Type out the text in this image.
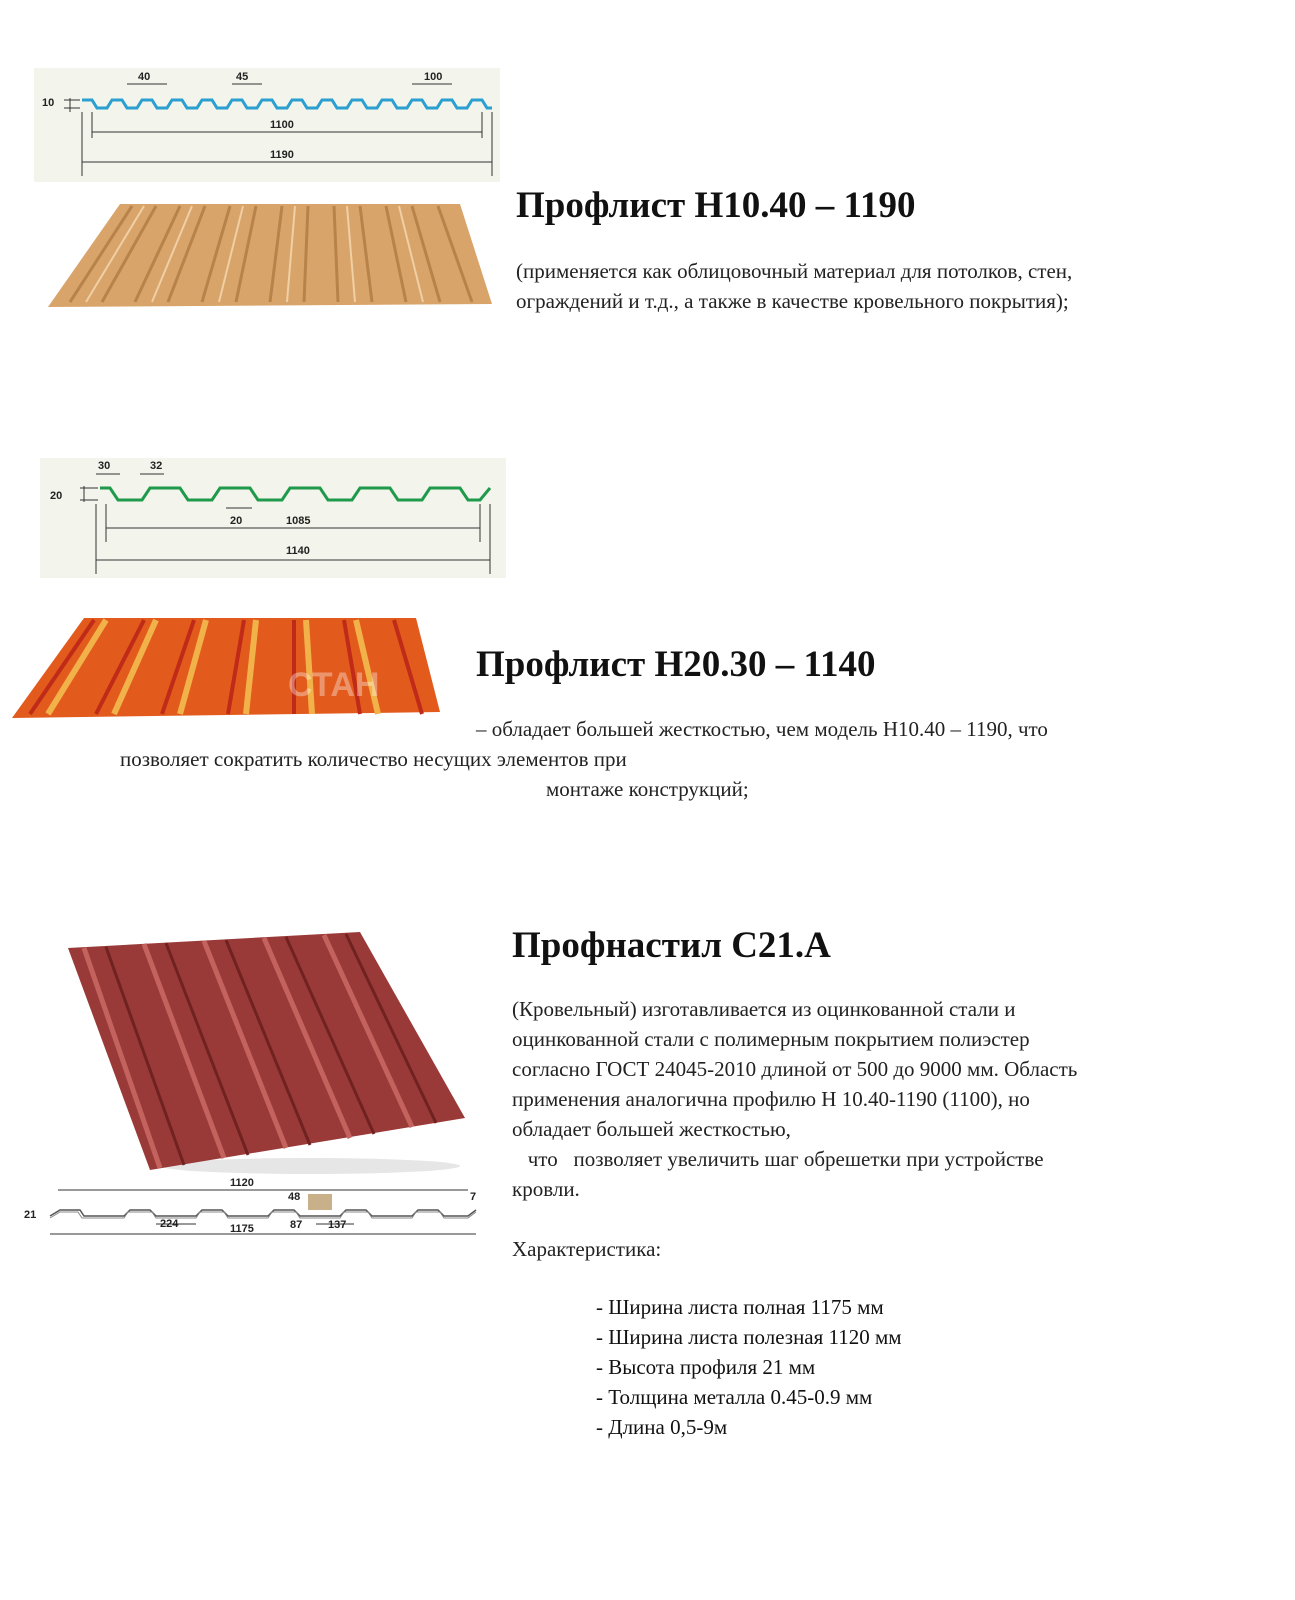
10
40	45	100
1100
1190
Профлист Н10.40 – 1190
(применяется как облицовочный материал для потолков, стен,
ограждений и т.д., а также в качестве кровельного покрытия);
20
30	32
20	1085
1140
СТАН	Профлист Н20.30 – 1140
– обладает большей жесткостью, чем модель Н10.40 – 1190, что
позволяет сократить количество несущих элементов при
монтаже конструкций;
21
1120
48	7
224	1175	87 137
Профнастил С21.А
(Кровельный) изготавливается из оцинкованной стали и
оцинкованной стали с полимерным покрытием полиэстер
согласно ГОСТ 24045-2010 длиной от 500 до 9000 мм. Область
применения аналогична профилю Н 10.40-1190 (1100), но
обладает большей жесткостью,
что   позволяет увеличить шаг обрешетки при устройстве
кровли.
Характеристика:
- Ширина листа полная 1175 мм
- Ширина листа полезная 1120 мм
- Высота профиля 21 мм
- Толщина металла 0.45-0.9 мм
- Длина 0,5-9м
